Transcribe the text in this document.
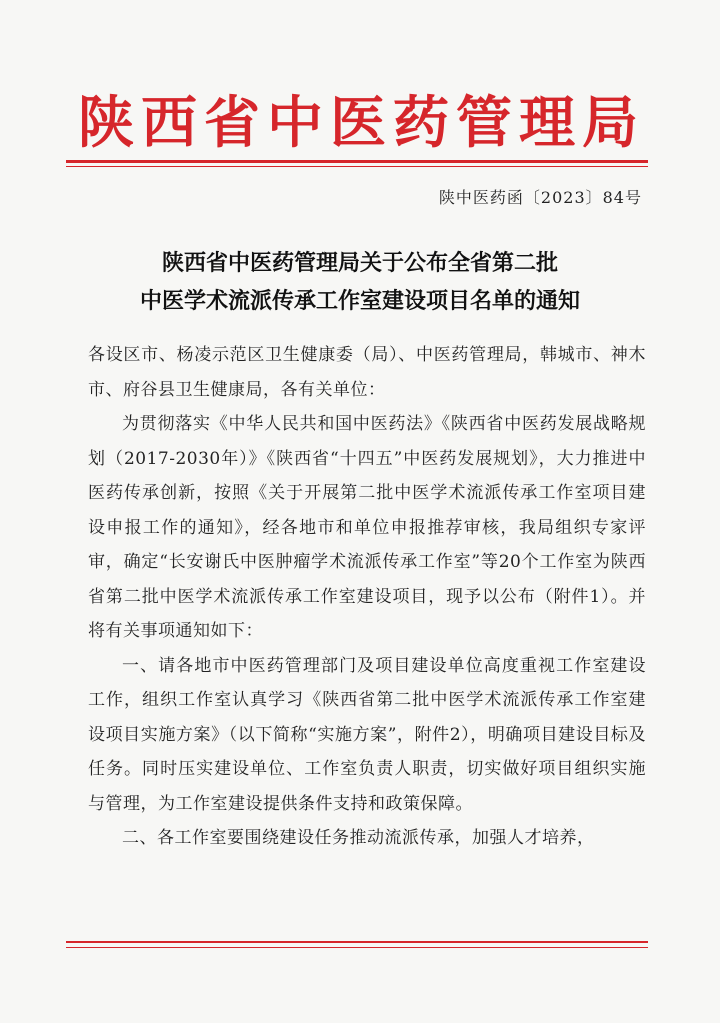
陕西省中医药管理局
陕中医药函〔2023〕84号
陕西省中医药管理局关于公布全省第二批
中医学术流派传承工作室建设项目名单的通知

各设区市、杨凌示范区卫生健康委（局）、中医药管理局，韩城市、神木市、府谷县卫生健康局，各有关单位：

为贯彻落实《中华人民共和国中医药法》《陕西省中医药发展战略规划（2017-2030年）》《陕西省“十四五”中医药发展规划》，大力推进中医药传承创新，按照《关于开展第二批中医学术流派传承工作室项目建设申报工作的通知》，经各地市和单位申报推荐审核，我局组织专家评审，确定“长安谢氏中医肿瘤学术流派传承工作室”等20个工作室为陕西省第二批中医学术流派传承工作室建设项目，现予以公布（附件1）。并将有关事项通知如下：

一、请各地市中医药管理部门及项目建设单位高度重视工作室建设工作，组织工作室认真学习《陕西省第二批中医学术流派传承工作室建设项目实施方案》（以下简称“实施方案”，附件2），明确项目建设目标及任务。同时压实建设单位、工作室负责人职责，切实做好项目组织实施与管理，为工作室建设提供条件支持和政策保障。

二、各工作室要围绕建设任务推动流派传承，加强人才培养，
